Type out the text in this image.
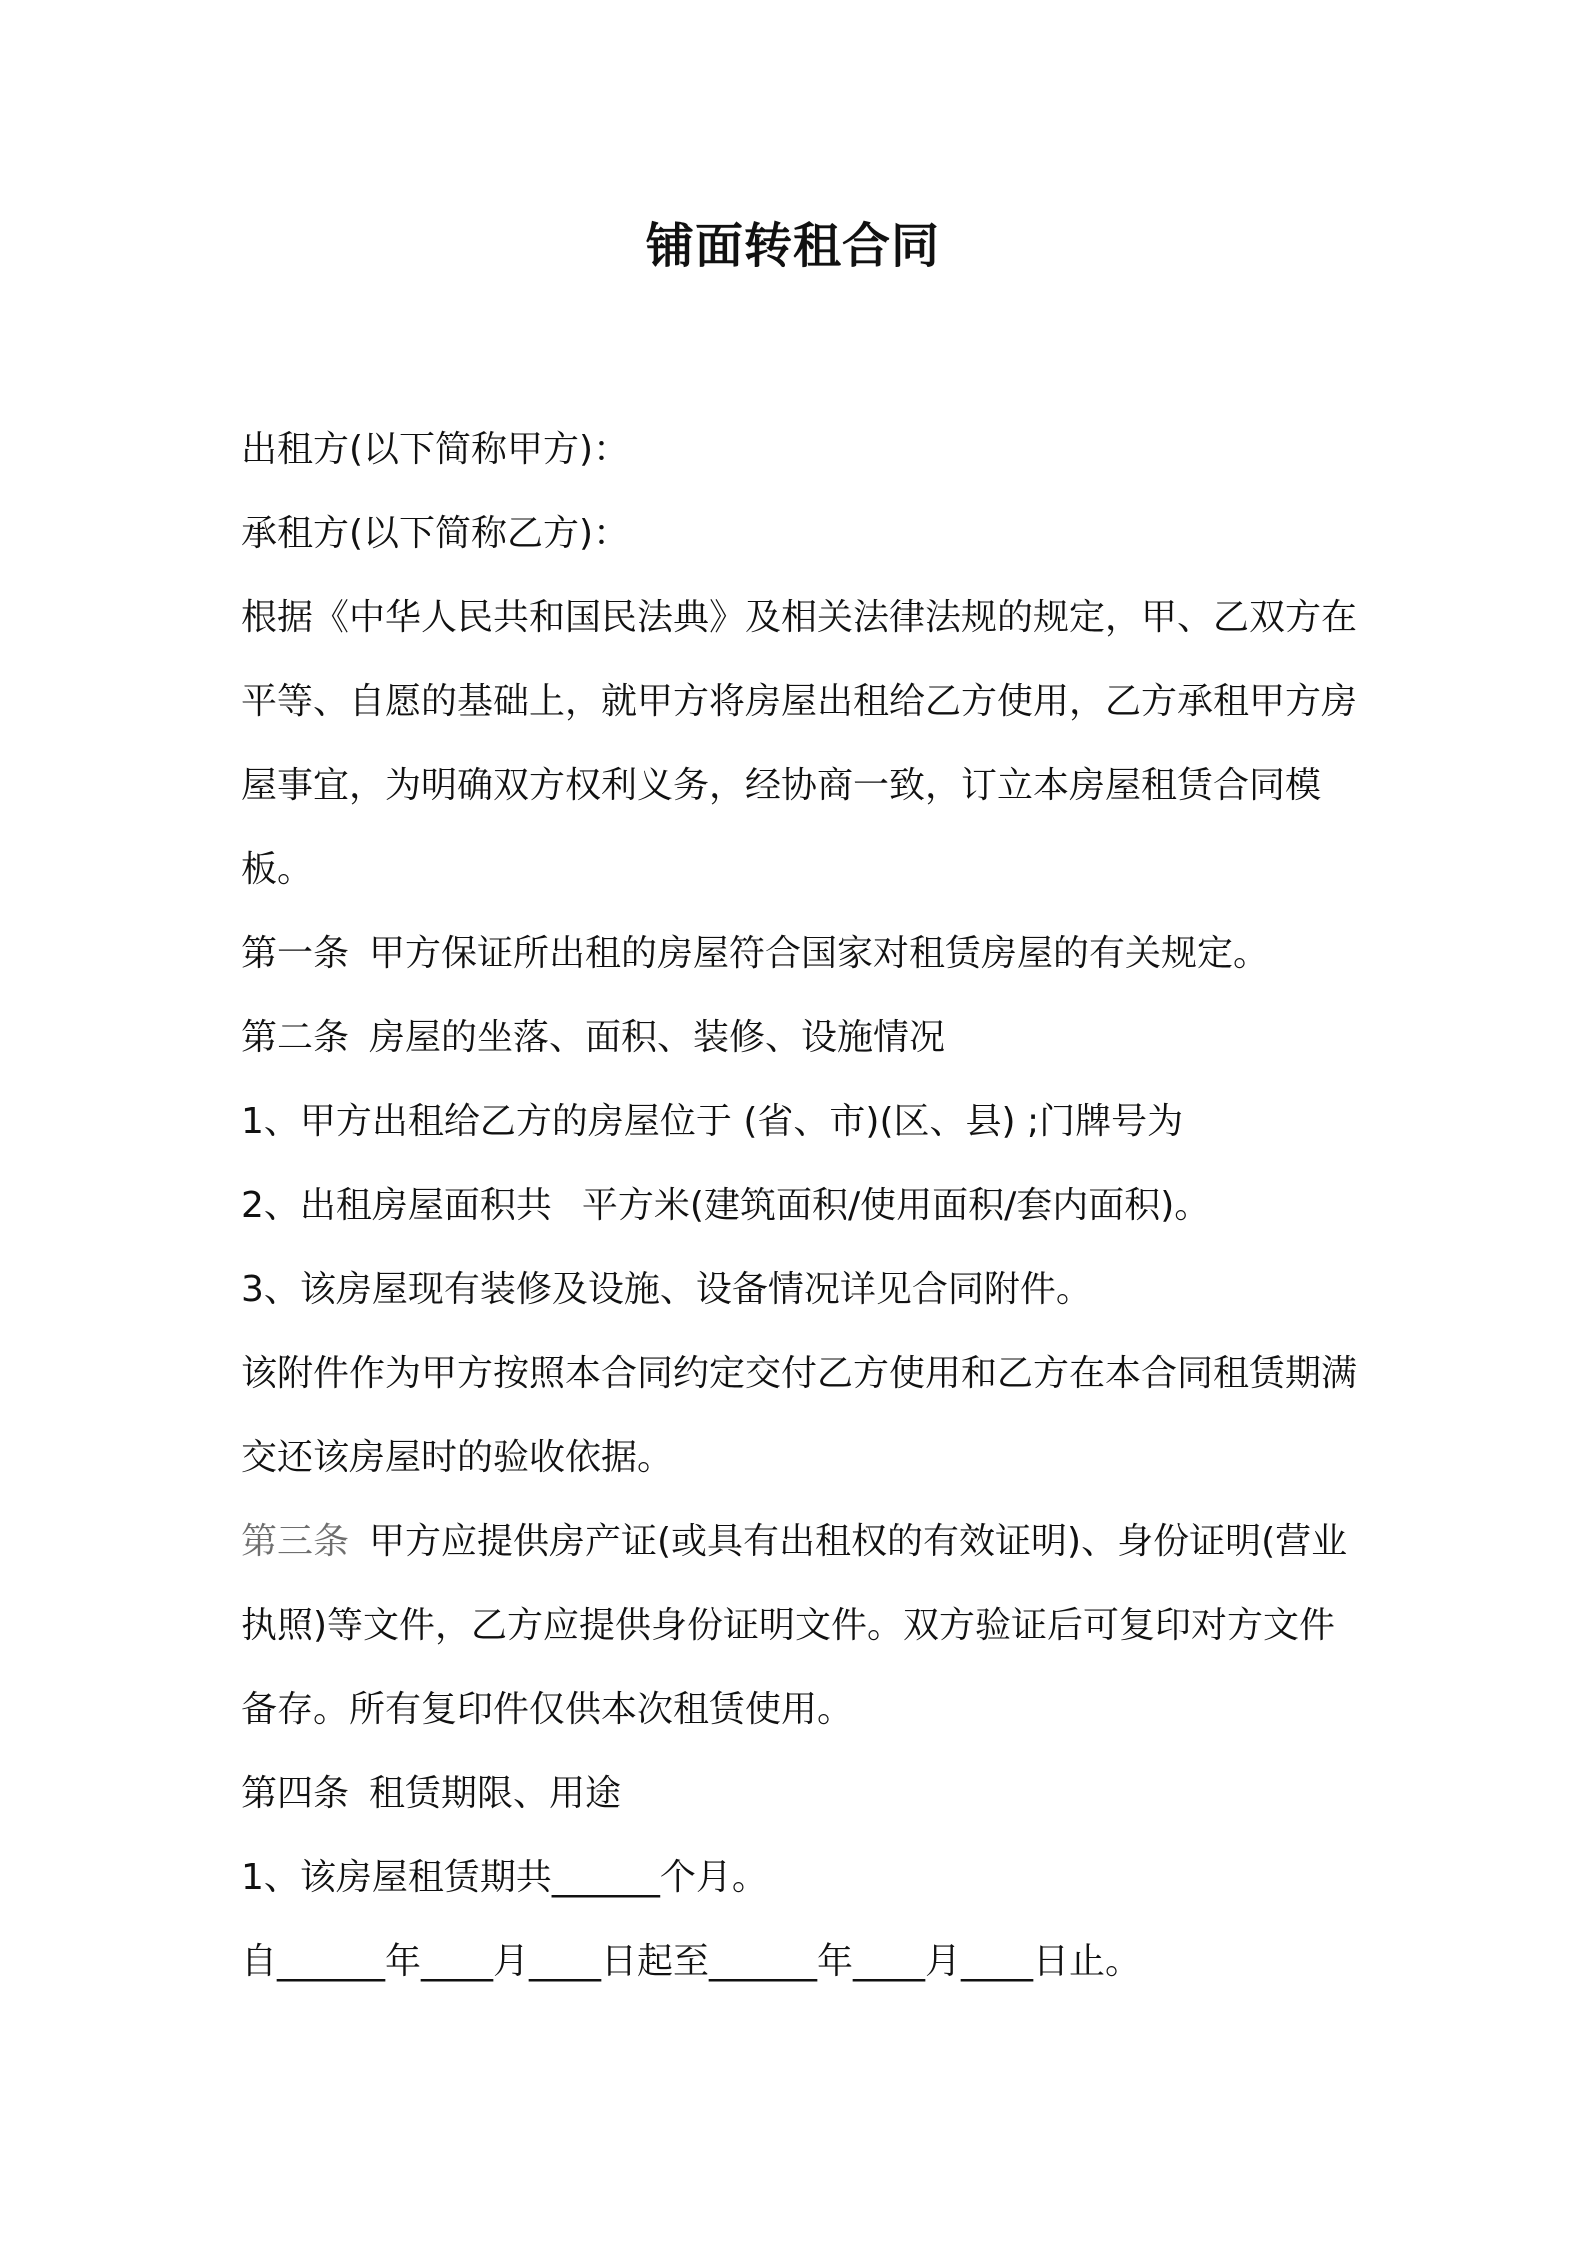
铺面转租合同

出租方(以下简称甲方)：

承租方(以下简称乙方)：

根据《中华人民共和国民法典》及相关法律法规的规定，甲、乙双方在平等、自愿的基础上，就甲方将房屋出租给乙方使用，乙方承租甲方房屋事宜，为明确双方权利义务，经协商一致，订立本房屋租赁合同模板。

第一条 甲方保证所出租的房屋符合国家对租赁房屋的有关规定。

第二条 房屋的坐落、面积、装修、设施情况

1、甲方出租给乙方的房屋位于 (省、市)(区、县) ;门牌号为

2、出租房屋面积共 平方米(建筑面积/使用面积/套内面积)。

3、该房屋现有装修及设施、设备情况详见合同附件。

该附件作为甲方按照本合同约定交付乙方使用和乙方在本合同租赁期满交还该房屋时的验收依据。

第三条 甲方应提供房产证(或具有出租权的有效证明)、身份证明(营业执照)等文件，乙方应提供身份证明文件。双方验证后可复印对方文件备存。所有复印件仅供本次租赁使用。

第四条 租赁期限、用途

1、该房屋租赁期共______个月。

自______年____月____日起至______年____月____日止。
